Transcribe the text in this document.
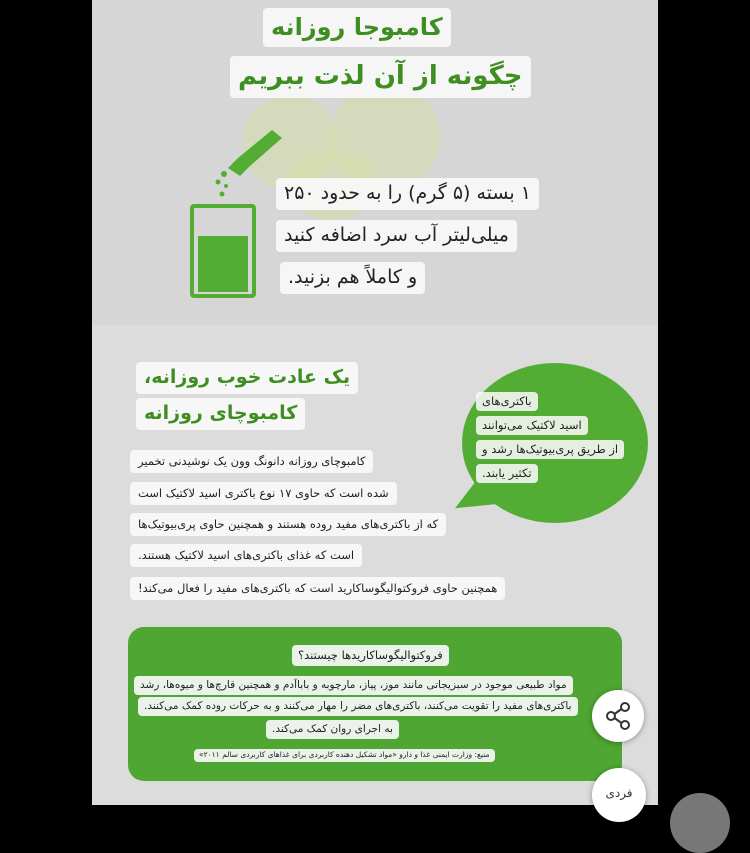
کامبوجا روزانه
چگونه از آن لذت ببریم
۱ بسته (۵ گرم) را به حدود ۲۵۰
میلی‌لیتر آب سرد اضافه کنید
و کاملاً هم بزنید.
یک عادت خوب روزانه،
کامبوچای روزانه
کامبوچای روزانه دانونگ وون یک نوشیدنی تخمیر
شده است که حاوی ۱۷ نوع باکتری اسید لاکتیک است
که از باکتری‌های مفید روده هستند و همچنین حاوی پری‌بیوتیک‌ها
است که غذای باکتری‌های اسید لاکتیک هستند.
همچنین حاوی فروکتوالیگوساکارید است که باکتری‌های مفید را فعال می‌کند!
باکتری‌های
اسید لاکتیک می‌توانند
از طریق پری‌بیوتیک‌ها رشد و
تکثیر یابند.
فروکتوالیگوساکاریدها چیستند؟
مواد طبیعی موجود در سبزیجاتی مانند موز، پیاز، مارچوبه و باباآدم و همچنین قارچ‌ها و میوه‌ها، رشد
باکتری‌های مفید را تقویت می‌کنند، باکتری‌های مضر را مهار می‌کنند و به حرکات روده کمک می‌کنند.
به اجرای روان کمک می‌کند.
منبع: وزارت ایمنی غذا و دارو «مواد تشکیل دهنده کاربردی برای غذاهای کاربردی سالم ۲۰۱۱»
فردی
